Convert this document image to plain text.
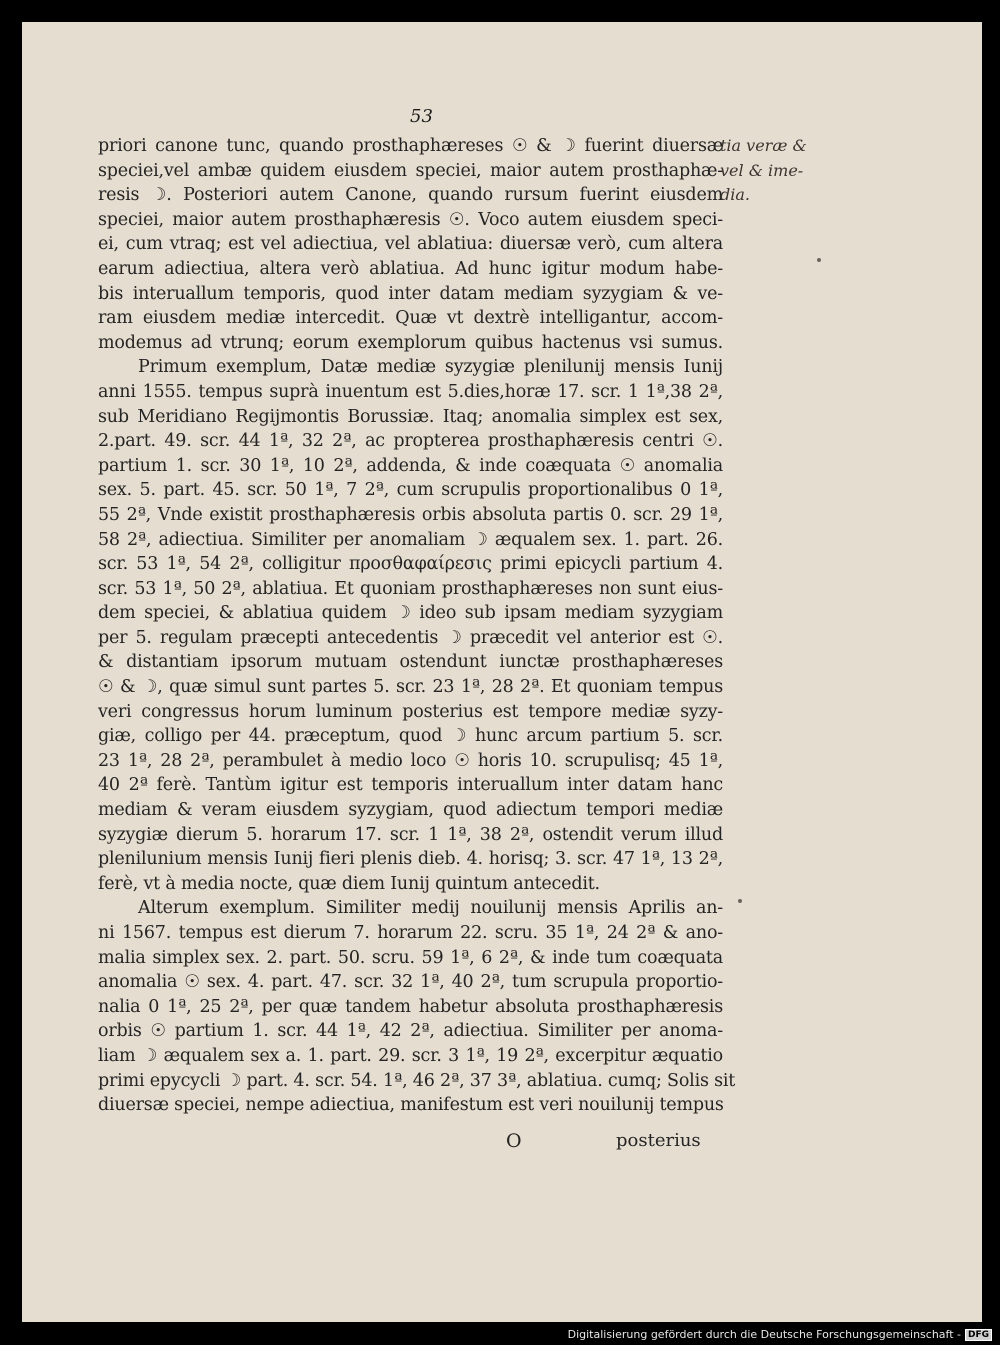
53
priori canone tunc, quando prosthaphæreses ☉ & ☽ fuerint diuersæ
speciei,vel ambæ quidem eiusdem speciei, maior autem prosthaphæ-
resis ☽. Posteriori autem Canone, quando rursum fuerint eiusdem
speciei, maior autem prosthaphæresis ☉. Voco autem eiusdem speci-
ei, cum vtraq; est vel adiectiua, vel ablatiua: diuersæ verò, cum altera
earum adiectiua, altera verò ablatiua. Ad hunc igitur modum habe-
bis interuallum temporis, quod inter datam mediam syzygiam & ve-
ram eiusdem mediæ intercedit. Quæ vt dextrè intelligantur, accom-
modemus ad vtrunq; eorum exemplorum quibus hactenus vsi sumus.
Primum exemplum, Datæ mediæ syzygiæ plenilunij mensis Iunij
anni 1555. tempus suprà inuentum est 5.dies,horæ 17. scr. 1 1ª,38 2ª,
sub Meridiano Regijmontis Borussiæ. Itaq; anomalia simplex est sex,
2.part. 49. scr. 44 1ª, 32 2ª, ac propterea prosthaphæresis centri ☉.
partium 1. scr. 30 1ª, 10 2ª, addenda, & inde coæquata ☉ anomalia
sex. 5. part. 45. scr. 50 1ª, 7 2ª, cum scrupulis proportionalibus 0 1ª,
55 2ª, Vnde existit prosthaphæresis orbis absoluta partis 0. scr. 29 1ª,
58 2ª, adiectiua. Similiter per anomaliam ☽ æqualem sex. 1. part. 26.
scr. 53 1ª, 54 2ª, colligitur προσθαφαίρεσις primi epicycli partium 4.
scr. 53 1ª, 50 2ª, ablatiua. Et quoniam prosthaphæreses non sunt eius-
dem speciei, & ablatiua quidem ☽ ideo sub ipsam mediam syzygiam
per 5. regulam præcepti antecedentis ☽ præcedit vel anterior est ☉.
& distantiam ipsorum mutuam ostendunt iunctæ prosthaphæreses
☉ & ☽, quæ simul sunt partes 5. scr. 23 1ª, 28 2ª. Et quoniam tempus
veri congressus horum luminum posterius est tempore mediæ syzy-
giæ, colligo per 44. præceptum, quod ☽ hunc arcum partium 5. scr.
23 1ª, 28 2ª, perambulet à medio loco ☉ horis 10. scrupulisq; 45 1ª,
40 2ª ferè. Tantùm igitur est temporis interuallum inter datam hanc
mediam & veram eiusdem syzygiam, quod adiectum tempori mediæ
syzygiæ dierum 5. horarum 17. scr. 1 1ª, 38 2ª, ostendit verum illud
plenilunium mensis Iunij fieri plenis dieb. 4. horisq; 3. scr. 47 1ª, 13 2ª,
ferè, vt à media nocte, quæ diem Iunij quintum antecedit.
Alterum exemplum. Similiter medij nouilunij mensis Aprilis an-
ni 1567. tempus est dierum 7. horarum 22. scru. 35 1ª, 24 2ª & ano-
malia simplex sex. 2. part. 50. scru. 59 1ª, 6 2ª, & inde tum coæquata
anomalia ☉ sex. 4. part. 47. scr. 32 1ª, 40 2ª, tum scrupula proportio-
nalia 0 1ª, 25 2ª, per quæ tandem habetur absoluta prosthaphæresis
orbis ☉ partium 1. scr. 44 1ª, 42 2ª, adiectiua. Similiter per anoma-
liam ☽ æqualem sex a. 1. part. 29. scr. 3 1ª, 19 2ª, excerpitur æquatio
primi epycycli ☽ part. 4. scr. 54. 1ª, 46 2ª, 37 3ª, ablatiua. cumq; Solis sit
diuersæ speciei, nempe adiectiua, manifestum est veri nouilunij tempus
tia veræ &
vel & ime-
dia.
O	posterius
Digitalisierung gefördert durch die Deutsche Forschungsgemeinschaft - DFG
